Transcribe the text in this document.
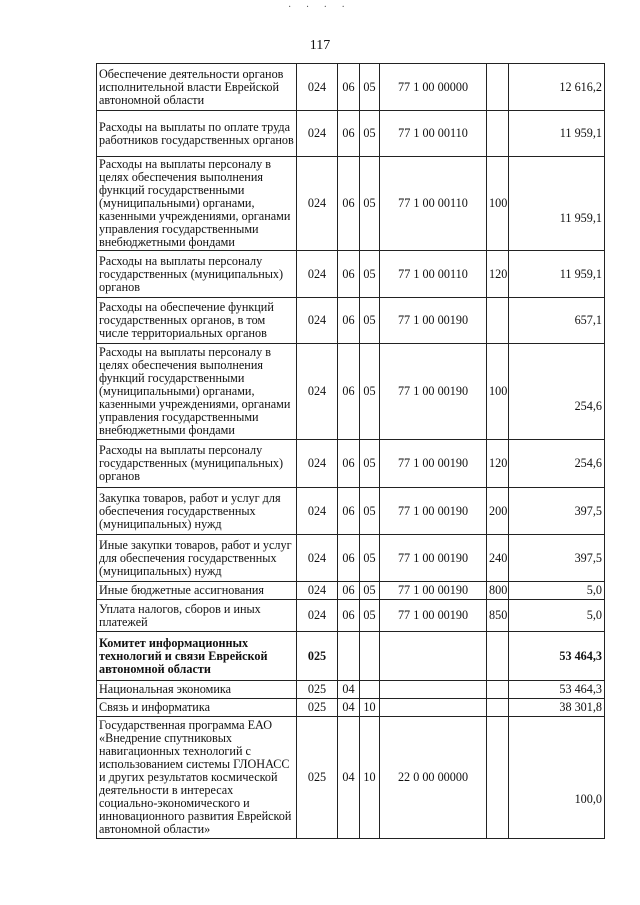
· · · ·
117
Обеспечение деятельности органов исполнительной власти Еврейской автономной области	024	06	05	77 1 00 00000		12 616,2
Расходы на выплаты по оплате труда работников государственных органов	024	06	05	77 1 00 00110		11 959,1
Расходы на выплаты персоналу в целях обеспечения выполнения функций государственными (муниципальными) органами, казенными учреждениями, органами управления государственными внебюджетными фондами	024	06	05	77 1 00 00110	100	11 959,1
Расходы на выплаты персоналу государственных (муниципальных) органов	024	06	05	77 1 00 00110	120	11 959,1
Расходы на обеспечение функций государственных органов, в том числе территориальных органов	024	06	05	77 1 00 00190		657,1
Расходы на выплаты персоналу в целях обеспечения выполнения функций государственными (муниципальными) органами, казенными учреждениями, органами управления государственными внебюджетными фондами	024	06	05	77 1 00 00190	100	254,6
Расходы на выплаты персоналу государственных (муниципальных) органов	024	06	05	77 1 00 00190	120	254,6
Закупка товаров, работ и услуг для обеспечения государственных (муниципальных) нужд	024	06	05	77 1 00 00190	200	397,5
Иные закупки товаров, работ и услуг для обеспечения государственных (муниципальных) нужд	024	06	05	77 1 00 00190	240	397,5
Иные бюджетные ассигнования	024	06	05	77 1 00 00190	800	5,0
Уплата налогов, сборов и иных платежей	024	06	05	77 1 00 00190	850	5,0
Комитет информационных технологий и связи Еврейской автономной области	025					53 464,3
Национальная экономика	025	04				53 464,3
Связь и информатика	025	04	10			38 301,8
Государственная программа ЕАО «Внедрение спутниковых навигационных технологий с использованием системы ГЛОНАСС и других результатов космической деятельности в интересах социально-экономического и инновационного развития Еврейской автономной области»	025	04	10	22 0 00 00000		100,0
